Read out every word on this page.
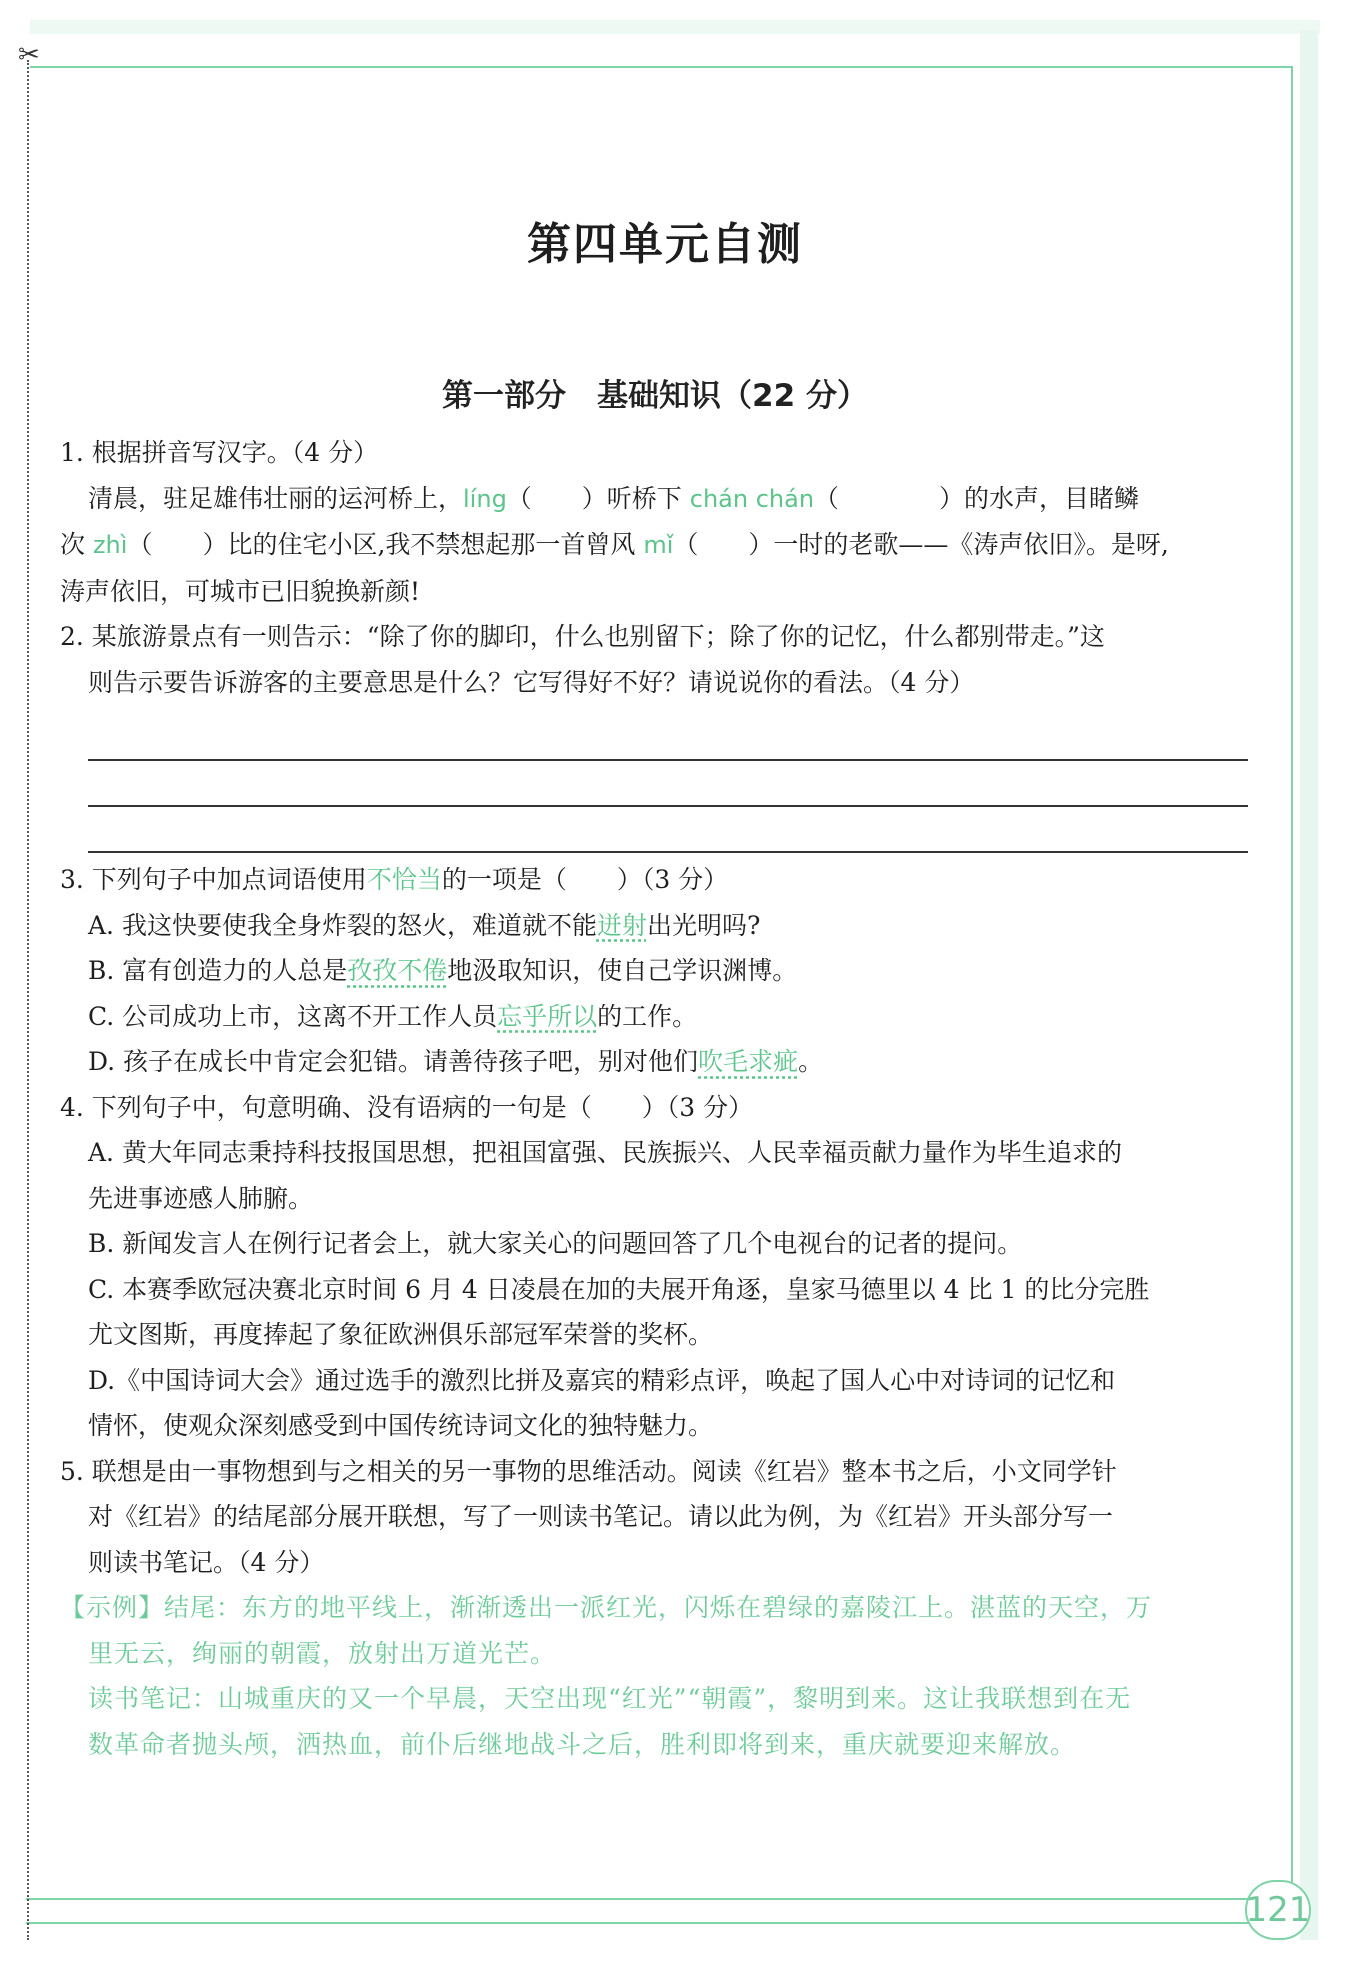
✂
121
第四单元自测
第一部分　基础知识（22 分）
1. 根据拼音写汉字。（4 分）
清晨，驻足雄伟壮丽的运河桥上，líng（　　）听桥下 chán chán（　　　　）的水声，目睹鳞
次 zhì（　　）比的住宅小区,我不禁想起那一首曾风 mǐ（　　）一时的老歌——《涛声依旧》。是呀,
涛声依旧，可城市已旧貌换新颜!
2. 某旅游景点有一则告示：“除了你的脚印，什么也别留下；除了你的记忆，什么都别带走。”这
则告示要告诉游客的主要意思是什么？它写得好不好？请说说你的看法。（4 分）
3. 下列句子中加点词语使用不恰当的一项是（　　）（3 分）
A. 我这快要使我全身炸裂的怒火，难道就不能迸射出光明吗?
B. 富有创造力的人总是孜孜不倦地汲取知识，使自己学识渊博。
C. 公司成功上市，这离不开工作人员忘乎所以的工作。
D. 孩子在成长中肯定会犯错。请善待孩子吧，别对他们吹毛求疵。
4. 下列句子中，句意明确、没有语病的一句是（　　）（3 分）
A. 黄大年同志秉持科技报国思想，把祖国富强、民族振兴、人民幸福贡献力量作为毕生追求的
先进事迹感人肺腑。
B. 新闻发言人在例行记者会上，就大家关心的问题回答了几个电视台的记者的提问。
C. 本赛季欧冠决赛北京时间 6 月 4 日凌晨在加的夫展开角逐，皇家马德里以 4 比 1 的比分完胜
尤文图斯，再度捧起了象征欧洲俱乐部冠军荣誉的奖杯。
D.《中国诗词大会》通过选手的激烈比拼及嘉宾的精彩点评，唤起了国人心中对诗词的记忆和
情怀，使观众深刻感受到中国传统诗词文化的独特魅力。
5. 联想是由一事物想到与之相关的另一事物的思维活动。阅读《红岩》整本书之后，小文同学针
对《红岩》的结尾部分展开联想，写了一则读书笔记。请以此为例，为《红岩》开头部分写一
则读书笔记。（4 分）
【示例】结尾：东方的地平线上，渐渐透出一派红光，闪烁在碧绿的嘉陵江上。湛蓝的天空，万
里无云，绚丽的朝霞，放射出万道光芒。
读书笔记：山城重庆的又一个早晨，天空出现“红光”“朝霞”，黎明到来。这让我联想到在无
数革命者抛头颅，洒热血，前仆后继地战斗之后，胜利即将到来，重庆就要迎来解放。
